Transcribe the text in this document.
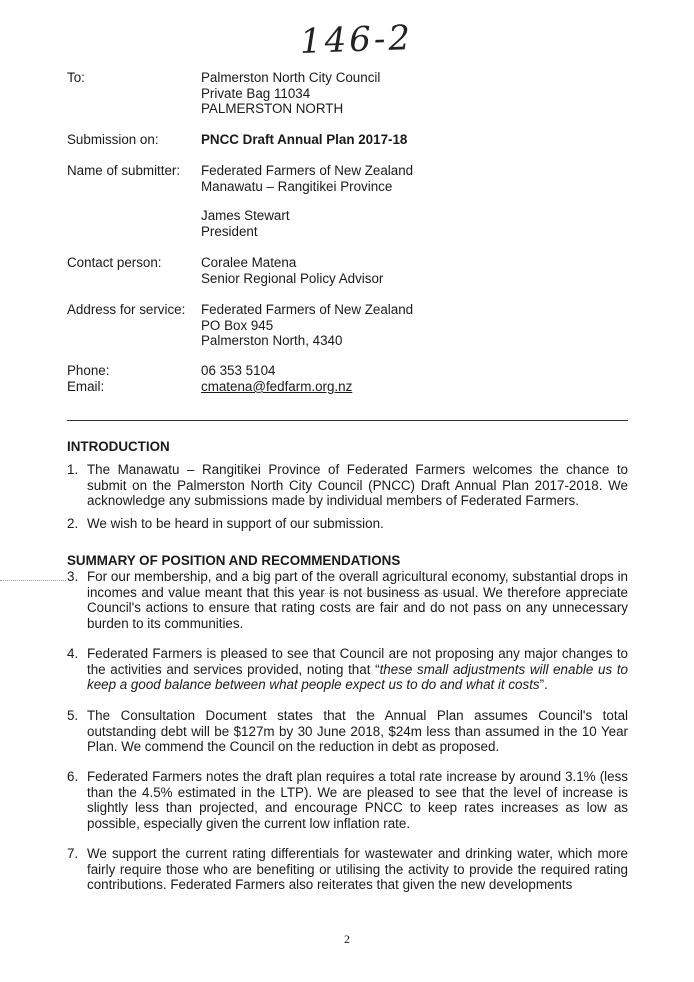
146-2
To:	Palmerston North City Council
Private Bag 11034
PALMERSTON NORTH
Submission on:	PNCC Draft Annual Plan 2017-18
Name of submitter: Federated Farmers of New Zealand
Manawatu – Rangitikei Province
James Stewart
President
Contact person:	Coralee Matena
Senior Regional Policy Advisor
Address for service: Federated Farmers of New Zealand
PO Box 945
Palmerston North, 4340
Phone:	06 353 5104
Email:	cmatena@fedfarm.org.nz
INTRODUCTION
1. The Manawatu – Rangitikei Province of Federated Farmers welcomes the chance to submit on the Palmerston North City Council (PNCC) Draft Annual Plan 2017-2018. We acknowledge any submissions made by individual members of Federated Farmers.
2. We wish to be heard in support of our submission.
SUMMARY OF POSITION AND RECOMMENDATIONS
3. For our membership, and a big part of the overall agricultural economy, substantial drops in incomes and value meant that this year is not business as usual. We therefore appreciate Council's actions to ensure that rating costs are fair and do not pass on any unnecessary burden to its communities.
4. Federated Farmers is pleased to see that Council are not proposing any major changes to the activities and services provided, noting that “these small adjustments will enable us to keep a good balance between what people expect us to do and what it costs”.
5. The Consultation Document states that the Annual Plan assumes Council's total outstanding debt will be $127m by 30 June 2018, $24m less than assumed in the 10 Year Plan. We commend the Council on the reduction in debt as proposed.
6. Federated Farmers notes the draft plan requires a total rate increase by around 3.1% (less than the 4.5% estimated in the LTP). We are pleased to see that the level of increase is slightly less than projected, and encourage PNCC to keep rates increases as low as possible, especially given the current low inflation rate.
7. We support the current rating differentials for wastewater and drinking water, which more fairly require those who are benefiting or utilising the activity to provide the required rating contributions. Federated Farmers also reiterates that given the new developments
2
